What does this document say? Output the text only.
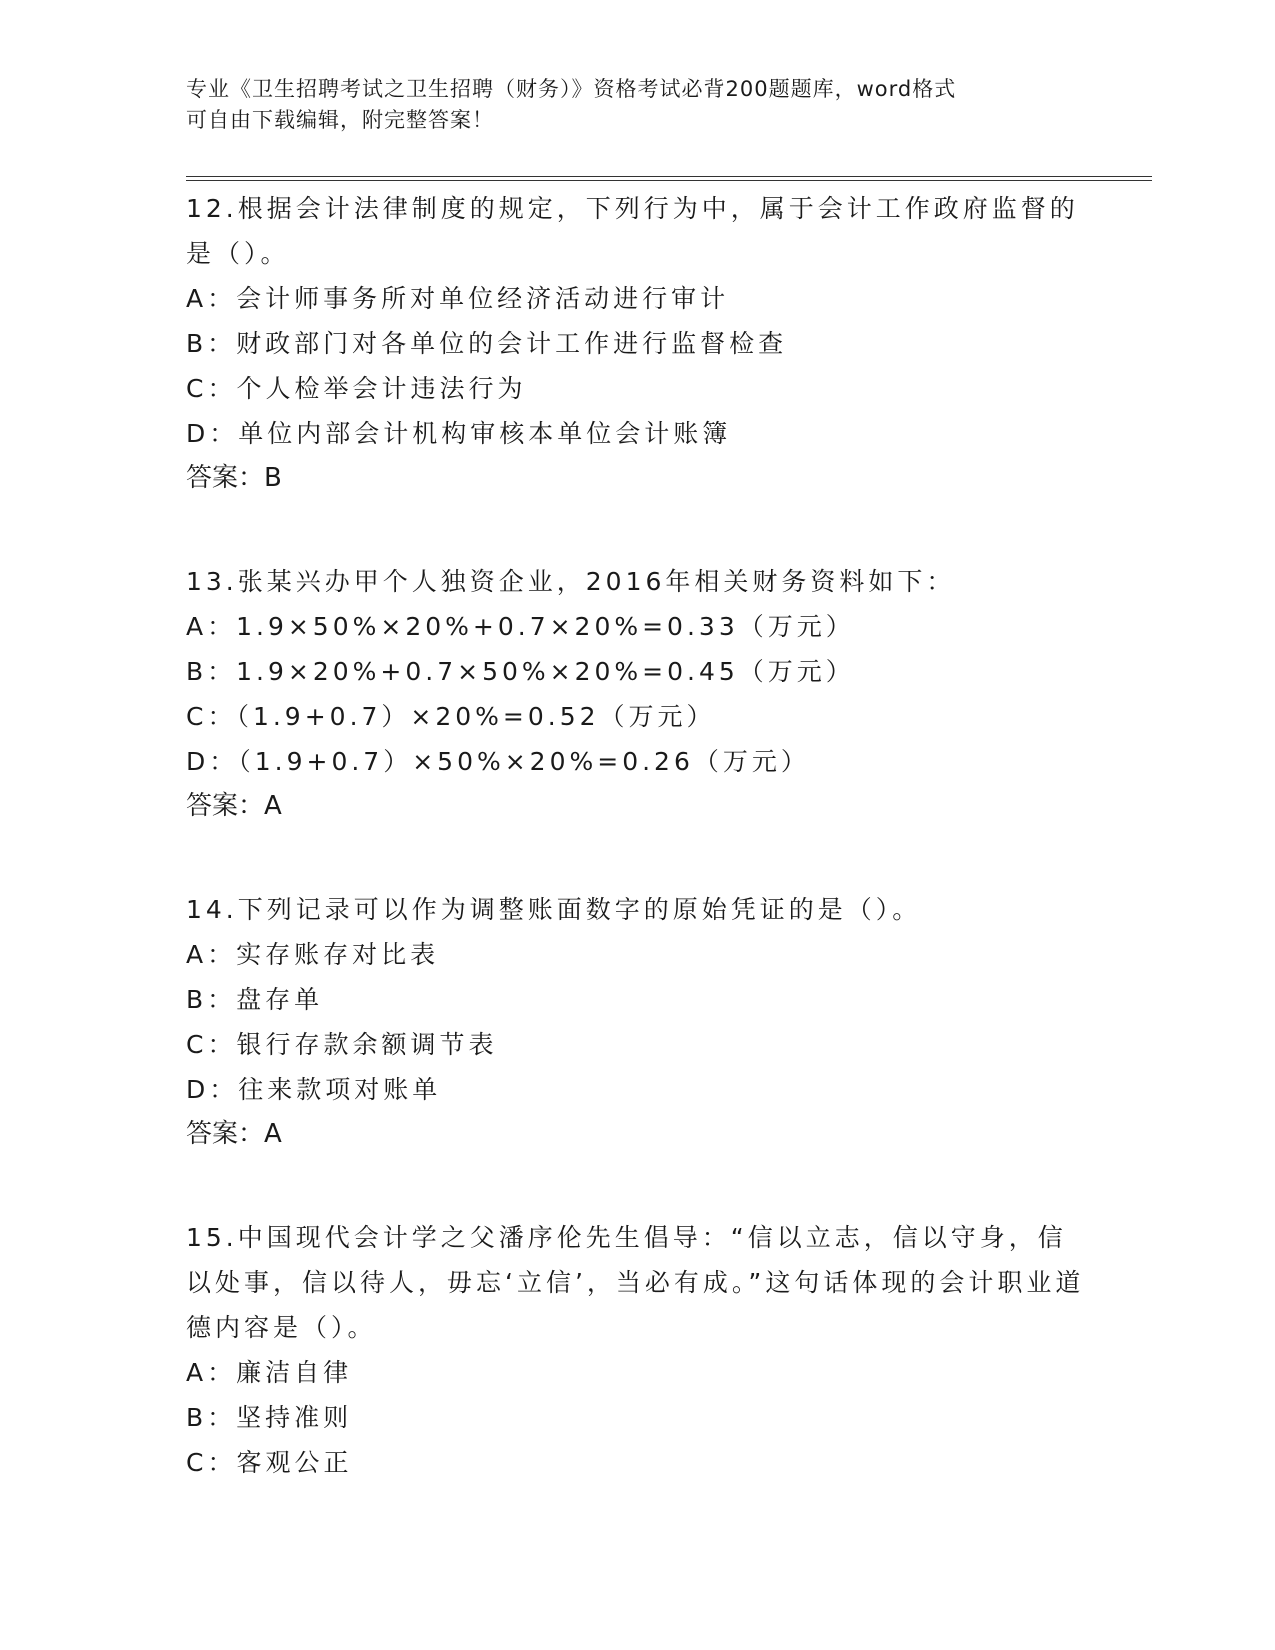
专业《卫生招聘考试之卫生招聘（财务）》资格考试必背200题题库，word格式
可自由下载编辑，附完整答案！
12.根据会计法律制度的规定，下列行为中，属于会计工作政府监督的是（）。
A：会计师事务所对单位经济活动进行审计
B：财政部门对各单位的会计工作进行监督检查
C：个人检举会计违法行为
D：单位内部会计机构审核本单位会计账簿
答案：B
13.张某兴办甲个人独资企业，2016年相关财务资料如下：
A：1.9×50%×20%+0.7×20%=0.33（万元）
B：1.9×20%+0.7×50%×20%=0.45（万元）
C：（1.9+0.7）×20%=0.52（万元）
D：（1.9+0.7）×50%×20%=0.26（万元）
答案：A
14.下列记录可以作为调整账面数字的原始凭证的是（）。
A：实存账存对比表
B：盘存单
C：银行存款余额调节表
D：往来款项对账单
答案：A
15.中国现代会计学之父潘序伦先生倡导：“信以立志，信以守身，信以处事，信以待人，毋忘‘立信’，当必有成。”这句话体现的会计职业道德内容是（）。
A：廉洁自律
B：坚持准则
C：客观公正
